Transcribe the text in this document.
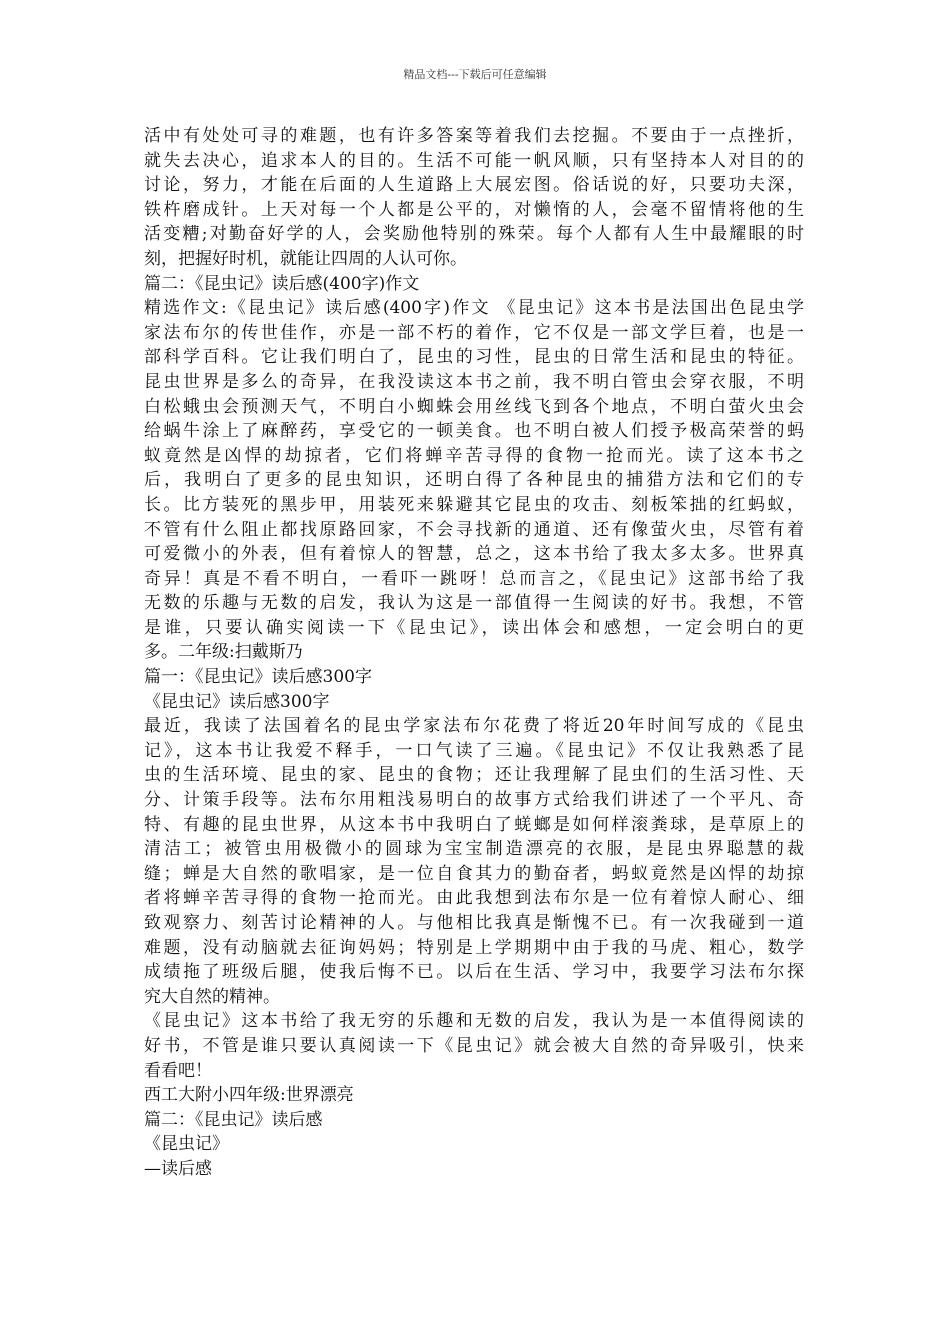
精品文档---下载后可任意编辑
活中有处处可寻的难题，也有许多答案等着我们去挖掘。不要由于一点挫折，
就失去决心，追求本人的目的。生活不可能一帆风顺，只有坚持本人对目的的
讨论，努力，才能在后面的人生道路上大展宏图。俗话说的好，只要功夫深，
铁杵磨成针。上天对每一个人都是公平的，对懒惰的人，会毫不留情将他的生
活变糟;对勤奋好学的人，会奖励他特别的殊荣。每个人都有人生中最耀眼的时
刻，把握好时机，就能让四周的人认可你。
篇二：《昆虫记》读后感(400字)作文
精选作文:《昆虫记》读后感(400字)作文 《昆虫记》这本书是法国出色昆虫学
家法布尔的传世佳作，亦是一部不朽的着作，它不仅是一部文学巨着，也是一
部科学百科。它让我们明白了，昆虫的习性，昆虫的日常生活和昆虫的特征。
昆虫世界是多么的奇异，在我没读这本书之前，我不明白管虫会穿衣服，不明
白松蛾虫会预测天气，不明白小蜘蛛会用丝线飞到各个地点，不明白萤火虫会
给蜗牛涂上了麻醉药，享受它的一顿美食。也不明白被人们授予极高荣誉的蚂
蚁竟然是凶悍的劫掠者，它们将蝉辛苦寻得的食物一抢而光。读了这本书之
后，我明白了更多的昆虫知识，还明白得了各种昆虫的捕猎方法和它们的专
长。比方装死的黑步甲，用装死来躲避其它昆虫的攻击、刻板笨拙的红蚂蚁，
不管有什么阻止都找原路回家，不会寻找新的通道、还有像萤火虫，尽管有着
可爱微小的外表，但有着惊人的智慧，总之，这本书给了我太多太多。世界真
奇异！真是不看不明白，一看吓一跳呀！总而言之，《昆虫记》这部书给了我
无数的乐趣与无数的启发，我认为这是一部值得一生阅读的好书。我想，不管
是谁，只要认确实阅读一下《昆虫记》，读出体会和感想，一定会明白的更
多。二年级:扫戴斯乃
篇一：《昆虫记》读后感300字
《昆虫记》读后感300字
最近，我读了法国着名的昆虫学家法布尔花费了将近20年时间写成的《昆虫
记》，这本书让我爱不释手，一口气读了三遍。《昆虫记》不仅让我熟悉了昆
虫的生活环境、昆虫的家、昆虫的食物；还让我理解了昆虫们的生活习性、天
分、计策手段等。法布尔用粗浅易明白的故事方式给我们讲述了一个平凡、奇
特、有趣的昆虫世界，从这本书中我明白了蜣螂是如何样滚粪球，是草原上的
清洁工；被管虫用极微小的圆球为宝宝制造漂亮的衣服，是昆虫界聪慧的裁
缝；蝉是大自然的歌唱家，是一位自食其力的勤奋者，蚂蚁竟然是凶悍的劫掠
者将蝉辛苦寻得的食物一抢而光。由此我想到法布尔是一位有着惊人耐心、细
致观察力、刻苦讨论精神的人。与他相比我真是惭愧不已。有一次我碰到一道
难题，没有动脑就去征询妈妈；特别是上学期期中由于我的马虎、粗心，数学
成绩拖了班级后腿，使我后悔不已。以后在生活、学习中，我要学习法布尔探
究大自然的精神。
《昆虫记》这本书给了我无穷的乐趣和无数的启发，我认为是一本值得阅读的
好书，不管是谁只要认真阅读一下《昆虫记》就会被大自然的奇异吸引，快来
看看吧！
西工大附小四年级:世界漂亮
篇二：《昆虫记》读后感
《昆虫记》
—读后感
